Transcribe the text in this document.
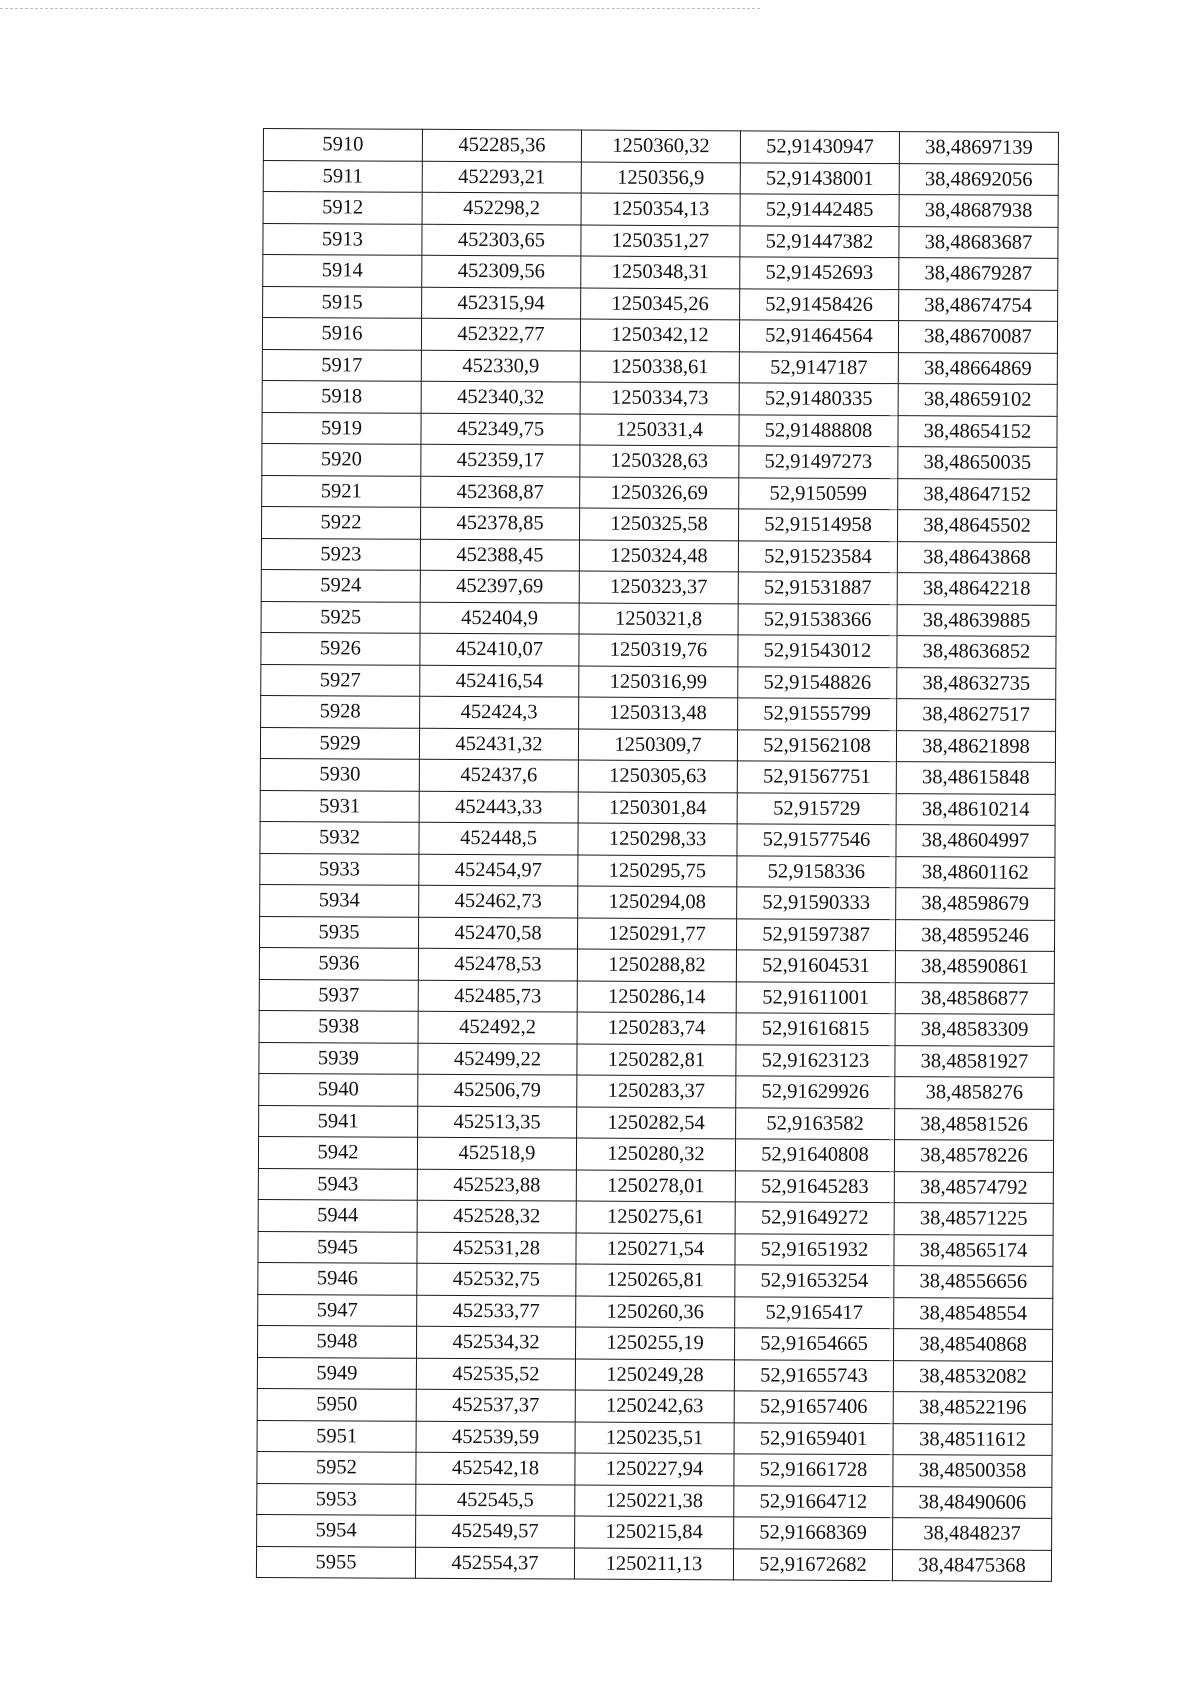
5910	452285,36	1250360,32	52,91430947	38,48697139
5911	452293,21	1250356,9	52,91438001	38,48692056
5912	452298,2	1250354,13	52,91442485	38,48687938
5913	452303,65	1250351,27	52,91447382	38,48683687
5914	452309,56	1250348,31	52,91452693	38,48679287
5915	452315,94	1250345,26	52,91458426	38,48674754
5916	452322,77	1250342,12	52,91464564	38,48670087
5917	452330,9	1250338,61	52,9147187	38,48664869
5918	452340,32	1250334,73	52,91480335	38,48659102
5919	452349,75	1250331,4	52,91488808	38,48654152
5920	452359,17	1250328,63	52,91497273	38,48650035
5921	452368,87	1250326,69	52,9150599	38,48647152
5922	452378,85	1250325,58	52,91514958	38,48645502
5923	452388,45	1250324,48	52,91523584	38,48643868
5924	452397,69	1250323,37	52,91531887	38,48642218
5925	452404,9	1250321,8	52,91538366	38,48639885
5926	452410,07	1250319,76	52,91543012	38,48636852
5927	452416,54	1250316,99	52,91548826	38,48632735
5928	452424,3	1250313,48	52,91555799	38,48627517
5929	452431,32	1250309,7	52,91562108	38,48621898
5930	452437,6	1250305,63	52,91567751	38,48615848
5931	452443,33	1250301,84	52,915729	38,48610214
5932	452448,5	1250298,33	52,91577546	38,48604997
5933	452454,97	1250295,75	52,9158336	38,48601162
5934	452462,73	1250294,08	52,91590333	38,48598679
5935	452470,58	1250291,77	52,91597387	38,48595246
5936	452478,53	1250288,82	52,91604531	38,48590861
5937	452485,73	1250286,14	52,91611001	38,48586877
5938	452492,2	1250283,74	52,91616815	38,48583309
5939	452499,22	1250282,81	52,91623123	38,48581927
5940	452506,79	1250283,37	52,91629926	38,4858276
5941	452513,35	1250282,54	52,9163582	38,48581526
5942	452518,9	1250280,32	52,91640808	38,48578226
5943	452523,88	1250278,01	52,91645283	38,48574792
5944	452528,32	1250275,61	52,91649272	38,48571225
5945	452531,28	1250271,54	52,91651932	38,48565174
5946	452532,75	1250265,81	52,91653254	38,48556656
5947	452533,77	1250260,36	52,9165417	38,48548554
5948	452534,32	1250255,19	52,91654665	38,48540868
5949	452535,52	1250249,28	52,91655743	38,48532082
5950	452537,37	1250242,63	52,91657406	38,48522196
5951	452539,59	1250235,51	52,91659401	38,48511612
5952	452542,18	1250227,94	52,91661728	38,48500358
5953	452545,5	1250221,38	52,91664712	38,48490606
5954	452549,57	1250215,84	52,91668369	38,4848237
5955	452554,37	1250211,13	52,91672682	38,48475368
